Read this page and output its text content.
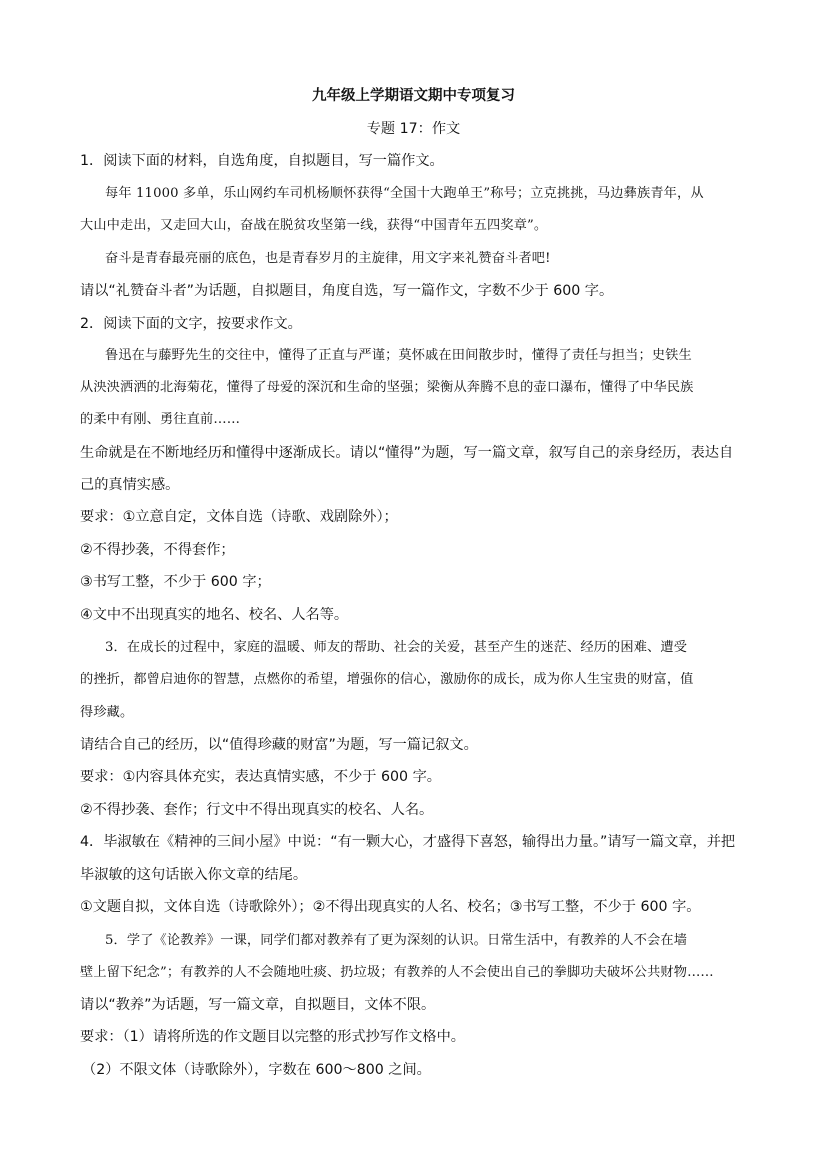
九年级上学期语文期中专项复习
专题 17：作文
1．阅读下面的材料，自选角度，自拟题目，写一篇作文。
每年 11000 多单，乐山网约车司机杨顺怀获得“全国十大跑单王”称号；立克挑挑，马边彝族青年，从
大山中走出，又走回大山，奋战在脱贫攻坚第一线，获得“中国青年五四奖章”。
奋斗是青春最亮丽的底色，也是青春岁月的主旋律，用文字来礼赞奋斗者吧!
请以“礼赞奋斗者”为话题，自拟题目，角度自选，写一篇作文，字数不少于 600 字。
2．阅读下面的文字，按要求作文。
鲁迅在与藤野先生的交往中，懂得了正直与严谨；莫怀戚在田间散步时，懂得了责任与担当；史铁生
从泱泱洒洒的北海菊花，懂得了母爱的深沉和生命的坚强；梁衡从奔腾不息的壶口瀑布，懂得了中华民族
的柔中有刚、勇往直前……
生命就是在不断地经历和懂得中逐渐成长。请以“懂得”为题，写一篇文章，叙写自己的亲身经历，表达自
己的真情实感。
要求：①立意自定，文体自选（诗歌、戏剧除外）；
②不得抄袭，不得套作；
③书写工整，不少于 600 字；
④文中不出现真实的地名、校名、人名等。
3．在成长的过程中，家庭的温暖、师友的帮助、社会的关爱，甚至产生的迷茫、经历的困难、遭受
的挫折，都曾启迪你的智慧，点燃你的希望，增强你的信心，激励你的成长，成为你人生宝贵的财富，值
得珍藏。
请结合自己的经历，以“值得珍藏的财富”为题，写一篇记叙文。
要求：①内容具体充实，表达真情实感，不少于 600 字。
②不得抄袭、套作；行文中不得出现真实的校名、人名。
4．毕淑敏在《精神的三间小屋》中说：“有一颗大心，才盛得下喜怒，输得出力量。”请写一篇文章，并把
毕淑敏的这句话嵌入你文章的结尾。
①文题自拟，文体自选（诗歌除外）；②不得出现真实的人名、校名；③书写工整，不少于 600 字。
5．学了《论教养》一课，同学们都对教养有了更为深刻的认识。日常生活中，有教养的人不会在墙
壁上留下纪念”；有教养的人不会随地吐痰、扔垃圾；有教养的人不会使出自己的拳脚功夫破坏公共财物……
请以“教养”为话题，写一篇文章，自拟题目，文体不限。
要求：（1）请将所选的作文题目以完整的形式抄写作文格中。
（2）不限文体（诗歌除外），字数在 600～800 之间。
